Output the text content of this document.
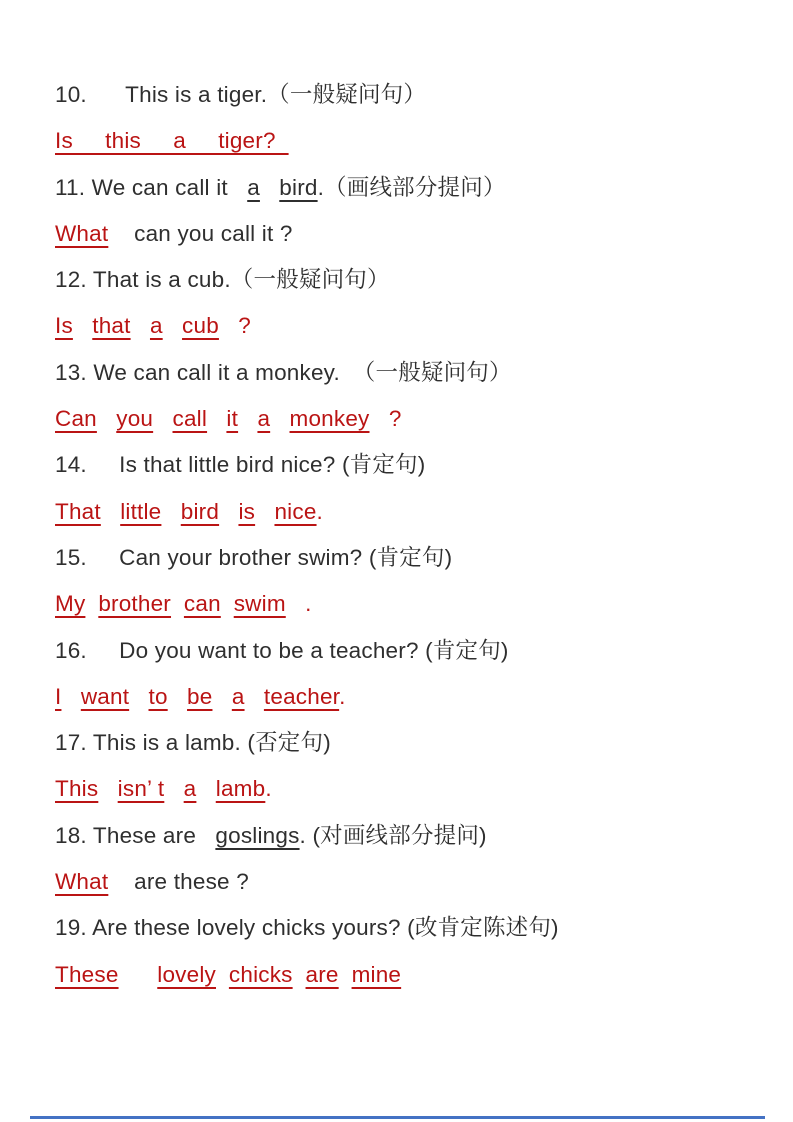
10.      This is a tiger.（一般疑问句）

Is     this     a     tiger?

11. We can call it   a bird.（画线部分提问）

What    can you call it ?

12. That is a cub.（一般疑问句）

Is that a cub   ?

13. We can call it a monkey.  （一般疑问句）

Can you call it a monkey   ?

14.     Is that little bird nice? (肯定句)

That little bird is nice.

15.     Can your brother swim? (肯定句)

My brother can swim   .

16.     Do you want to be a teacher? (肯定句)

I want to be a teacher.

17. This is a lamb. (否定句)

This isn’ t a lamb.

18. These are   goslings. (对画线部分提问)

What    are these ?

19. Are these lovely chicks yours? (改肯定陈述句)

These lovely chicks are mine
